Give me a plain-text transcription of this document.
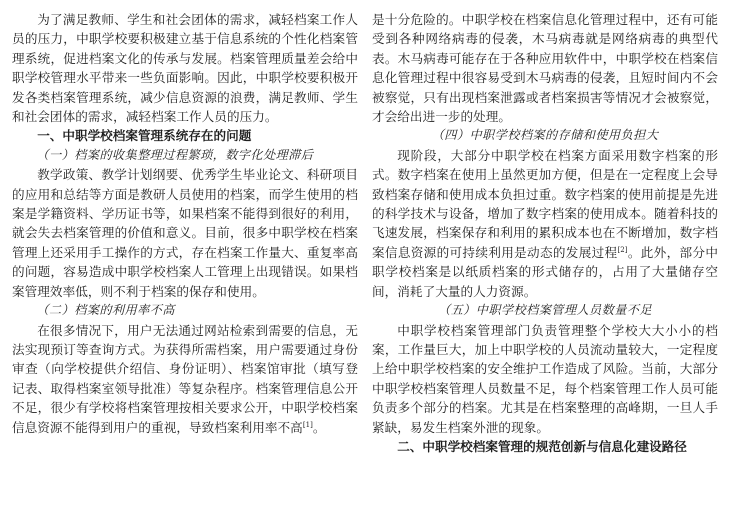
为了满足教师、学生和社会团体的需求，减轻档案工作人员的压力，中职学校要积极建立基于信息系统的个性化档案管理系统，促进档案文化的传承与发展。档案管理质量差会给中职学校管理水平带来一些负面影响。因此，中职学校要积极开发各类档案管理系统，减少信息资源的浪费，满足教师、学生和社会团体的需求，减轻档案工作人员的压力。

一、中职学校档案管理系统存在的问题

（一）档案的收集整理过程繁琐，数字化处理滞后

教学政策、教学计划纲要、优秀学生毕业论文、科研项目的应用和总结等方面是教研人员使用的档案，而学生使用的档案是学籍资料、学历证书等，如果档案不能得到很好的利用，就会失去档案管理的价值和意义。目前，很多中职学校在档案管理上还采用手工操作的方式，存在档案工作量大、重复率高的问题，容易造成中职学校档案人工管理上出现错误。如果档案管理效率低，则不利于档案的保存和使用。

（二）档案的利用率不高

在很多情况下，用户无法通过网站检索到需要的信息，无法实现预订等查询方式。为获得所需档案，用户需要通过身份审查（向学校提供介绍信、身份证明）、档案馆审批（填写登记表、取得档案室领导批准）等复杂程序。档案管理信息公开不足，很少有学校将档案管理按相关要求公开，中职学校档案信息资源不能得到用户的重视，导致档案利用率不高[1]。

是十分危险的。中职学校在档案信息化管理过程中，还有可能受到各种网络病毒的侵袭，木马病毒就是网络病毒的典型代表。木马病毒可能存在于各种应用软件中，中职学校在档案信息化管理过程中很容易受到木马病毒的侵袭，且短时间内不会被察觉，只有出现档案泄露或者档案损害等情况才会被察觉，才会给出进一步的处理。

（四）中职学校档案的存储和使用负担大

现阶段，大部分中职学校在档案方面采用数字档案的形式。数字档案在使用上虽然更加方便，但是在一定程度上会导致档案存储和使用成本负担过重。数字档案的使用前提是先进的科学技术与设备，增加了数字档案的使用成本。随着科技的飞速发展，档案保存和利用的累积成本也在不断增加，数字档案信息资源的可持续利用是动态的发展过程[2]。此外，部分中职学校档案是以纸质档案的形式储存的，占用了大量储存空间，消耗了大量的人力资源。

（五）中职学校档案管理人员数量不足

中职学校档案管理部门负责管理整个学校大大小小的档案，工作量巨大，加上中职学校的人员流动量较大，一定程度上给中职学校档案的安全维护工作造成了风险。当前，大部分中职学校档案管理人员数量不足，每个档案管理工作人员可能负责多个部分的档案。尤其是在档案整理的高峰期，一旦人手紧缺，易发生档案外泄的现象。

二、中职学校档案管理的规范创新与信息化建设路径
